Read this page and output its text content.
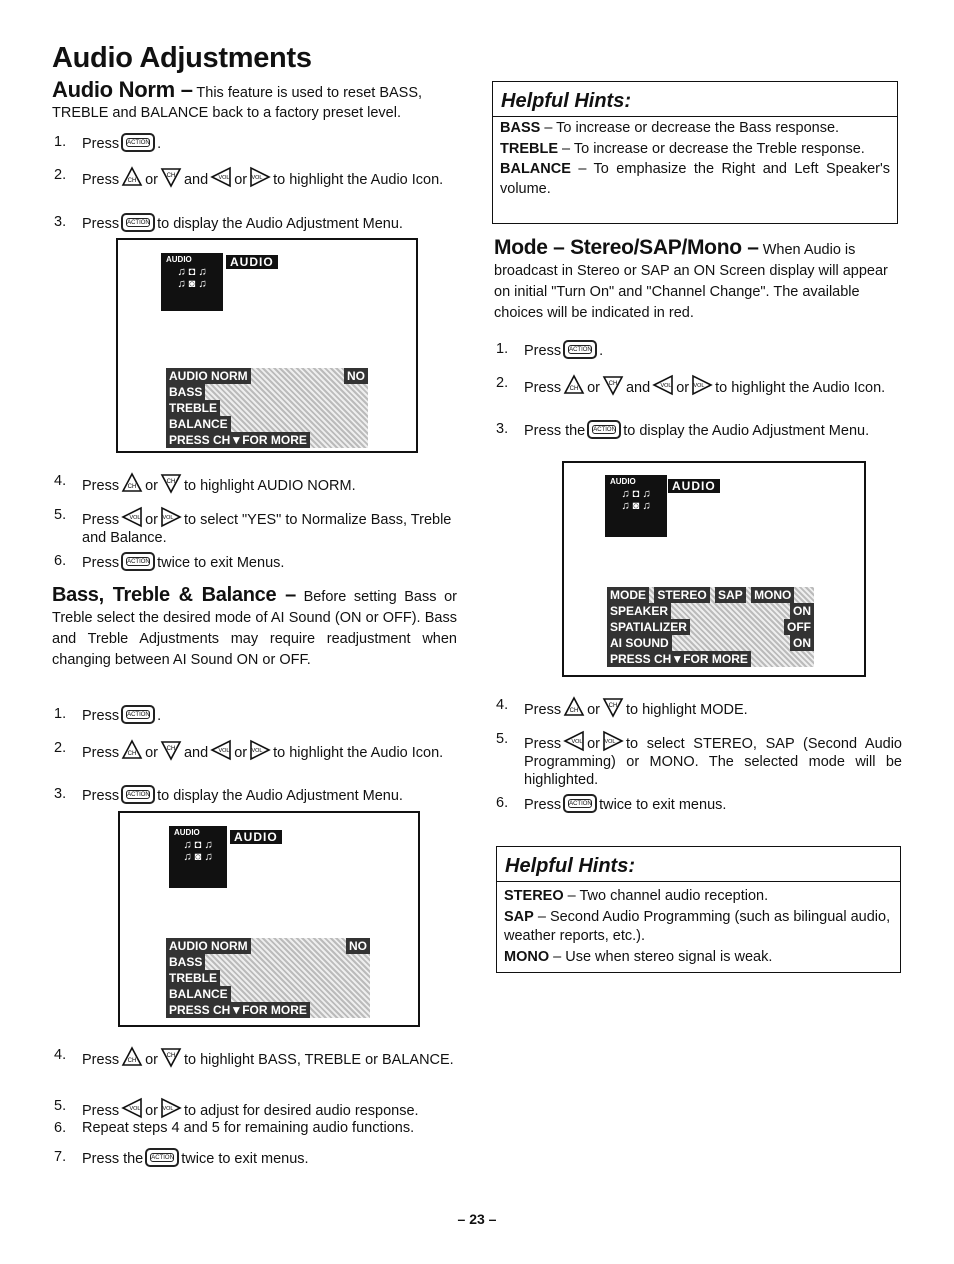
Audio Adjustments
Audio Norm – This feature is used to reset BASS, TREBLE and BALANCE back to a factory preset level.
1. Press ACTION .
2. Press or and or to highlight the Audio Icon.
3. Press ACTION to display the Audio Adjustment Menu.
AUDIO
♫ ◘ ♫
♫ ◙ ♫
AUDIO
AUDIO NORM	NO
BASS
TREBLE
BALANCE
PRESS CH▼FOR MORE
4. Press or to highlight AUDIO NORM.
5. Press or to select "YES" to Normalize Bass, Treble and Balance.
6. Press ACTION twice to exit Menus.
Bass, Treble & Balance – Before setting Bass or Treble select the desired mode of AI Sound (ON or OFF). Bass and Treble Adjustments may require readjustment when changing between AI Sound ON or OFF.
1. Press ACTION .
2. Press or and or to highlight the Audio Icon.
3. Press ACTION to display the Audio Adjustment Menu.
AUDIO
♫ ◘ ♫
♫ ◙ ♫
AUDIO
AUDIO NORM	NO
BASS
TREBLE
BALANCE
PRESS CH▼FOR MORE
4. Press or to highlight BASS, TREBLE or BALANCE.
5. Press or to adjust for desired audio response.
6. Repeat steps 4 and 5 for remaining audio functions.
7. Press the ACTION twice to exit menus.
Helpful Hints:

BASS – To increase or decrease the Bass response.

TREBLE – To increase or decrease the Treble response.

BALANCE – To emphasize the Right and Left Speaker's volume.

Mode – Stereo/SAP/Mono – When Audio is broadcast in Stereo or SAP an ON Screen display will appear on initial "Turn On" and "Channel Change". The available choices will be indicated in red.
1. Press ACTION .
2. Press or and or to highlight the Audio Icon.
3. Press the ACTION to display the Audio Adjustment Menu.
AUDIO
♫ ◘ ♫
♫ ◙ ♫
AUDIO
MODE STEREO SAP MONO
SPEAKER	ON
SPATIALIZER	OFF
AI SOUND	ON
PRESS CH▼FOR MORE
4. Press or to highlight MODE.
5. Press or to select STEREO, SAP (Second Audio Programming) or MONO. The selected mode will be highlighted.
6. Press ACTION twice to exit menus.
Helpful Hints:

STEREO – Two channel audio reception.

SAP – Second Audio Programming (such as bilingual audio, weather reports, etc.).

MONO – Use when stereo signal is weak.

– 23 –
